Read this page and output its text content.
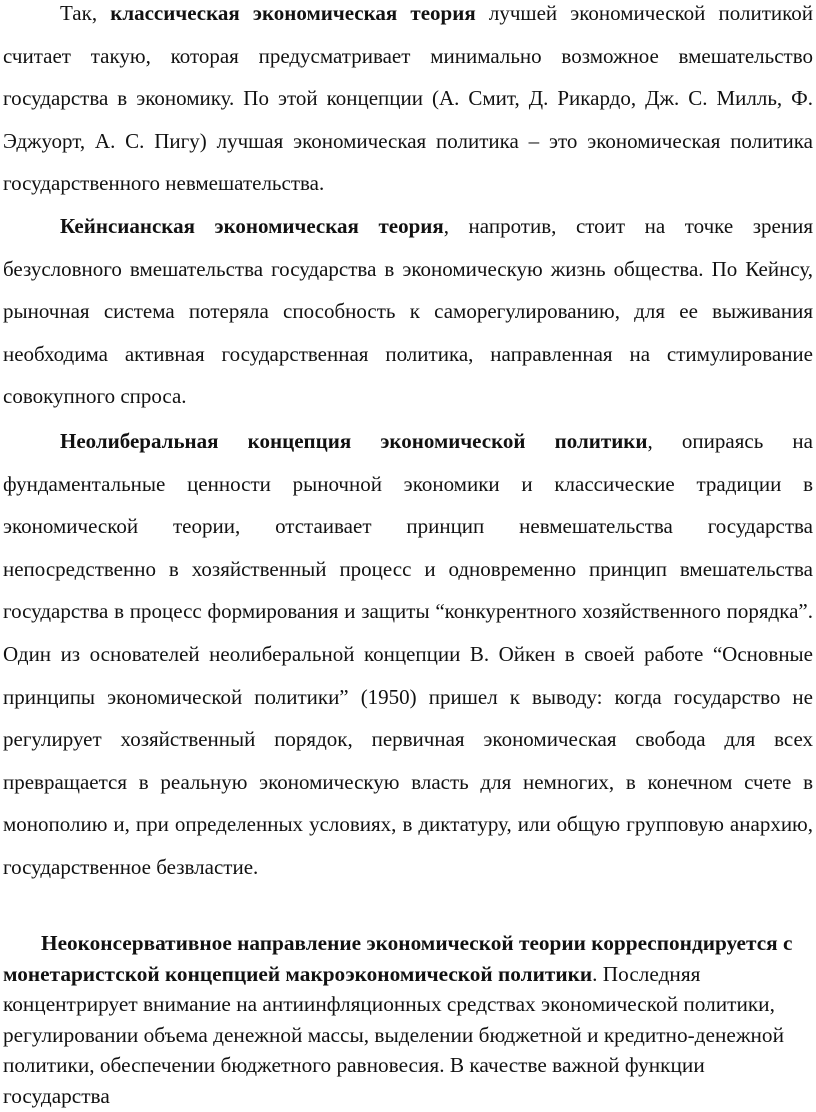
Так, классическая экономическая теория лучшей экономической политикой считает такую, которая предусматривает минимально возможное вмешательство государства в экономику. По этой концепции (А. Смит, Д. Рикардо, Дж. С. Милль, Ф. Эджуорт, А. С. Пигу) лучшая экономическая политика – это экономическая политика государственного невмешательства.

Кейнсианская экономическая теория, напротив, стоит на точке зрения безусловного вмешательства государства в экономическую жизнь общества. По Кейнсу, рыночная система потеряла способность к саморегулированию, для ее выживания необходима активная государственная политика, направленная на стимулирование совокупного спроса.

Неолиберальная концепция экономической политики, опираясь на фундаментальные ценности рыночной экономики и классические традиции в экономической теории, отстаивает принцип невмешательства государства непосредственно в хозяйственный процесс и одновременно принцип вмешательства государства в процесс формирования и защиты “конкурентного хозяйственного порядка”. Один из основателей неолиберальной концепции В. Ойкен в своей работе “Основные принципы экономической политики” (1950) пришел к выводу: когда государство не регулирует хозяйственный порядок, первичная экономическая свобода для всех превращается в реальную экономическую власть для немногих, в конечном счете в монополию и, при определенных условиях, в диктатуру, или общую групповую анархию, государственное безвластие.

Неоконсервативное направление экономической теории корреспондируется с монетаристской концепцией макроэкономической политики. Последняя концентрирует внимание на антиинфляционных средствах экономической политики, регулировании объема денежной массы, выделении бюджетной и кредитно-денежной политики, обеспечении бюджетного равновесия. В качестве важной функции государства
